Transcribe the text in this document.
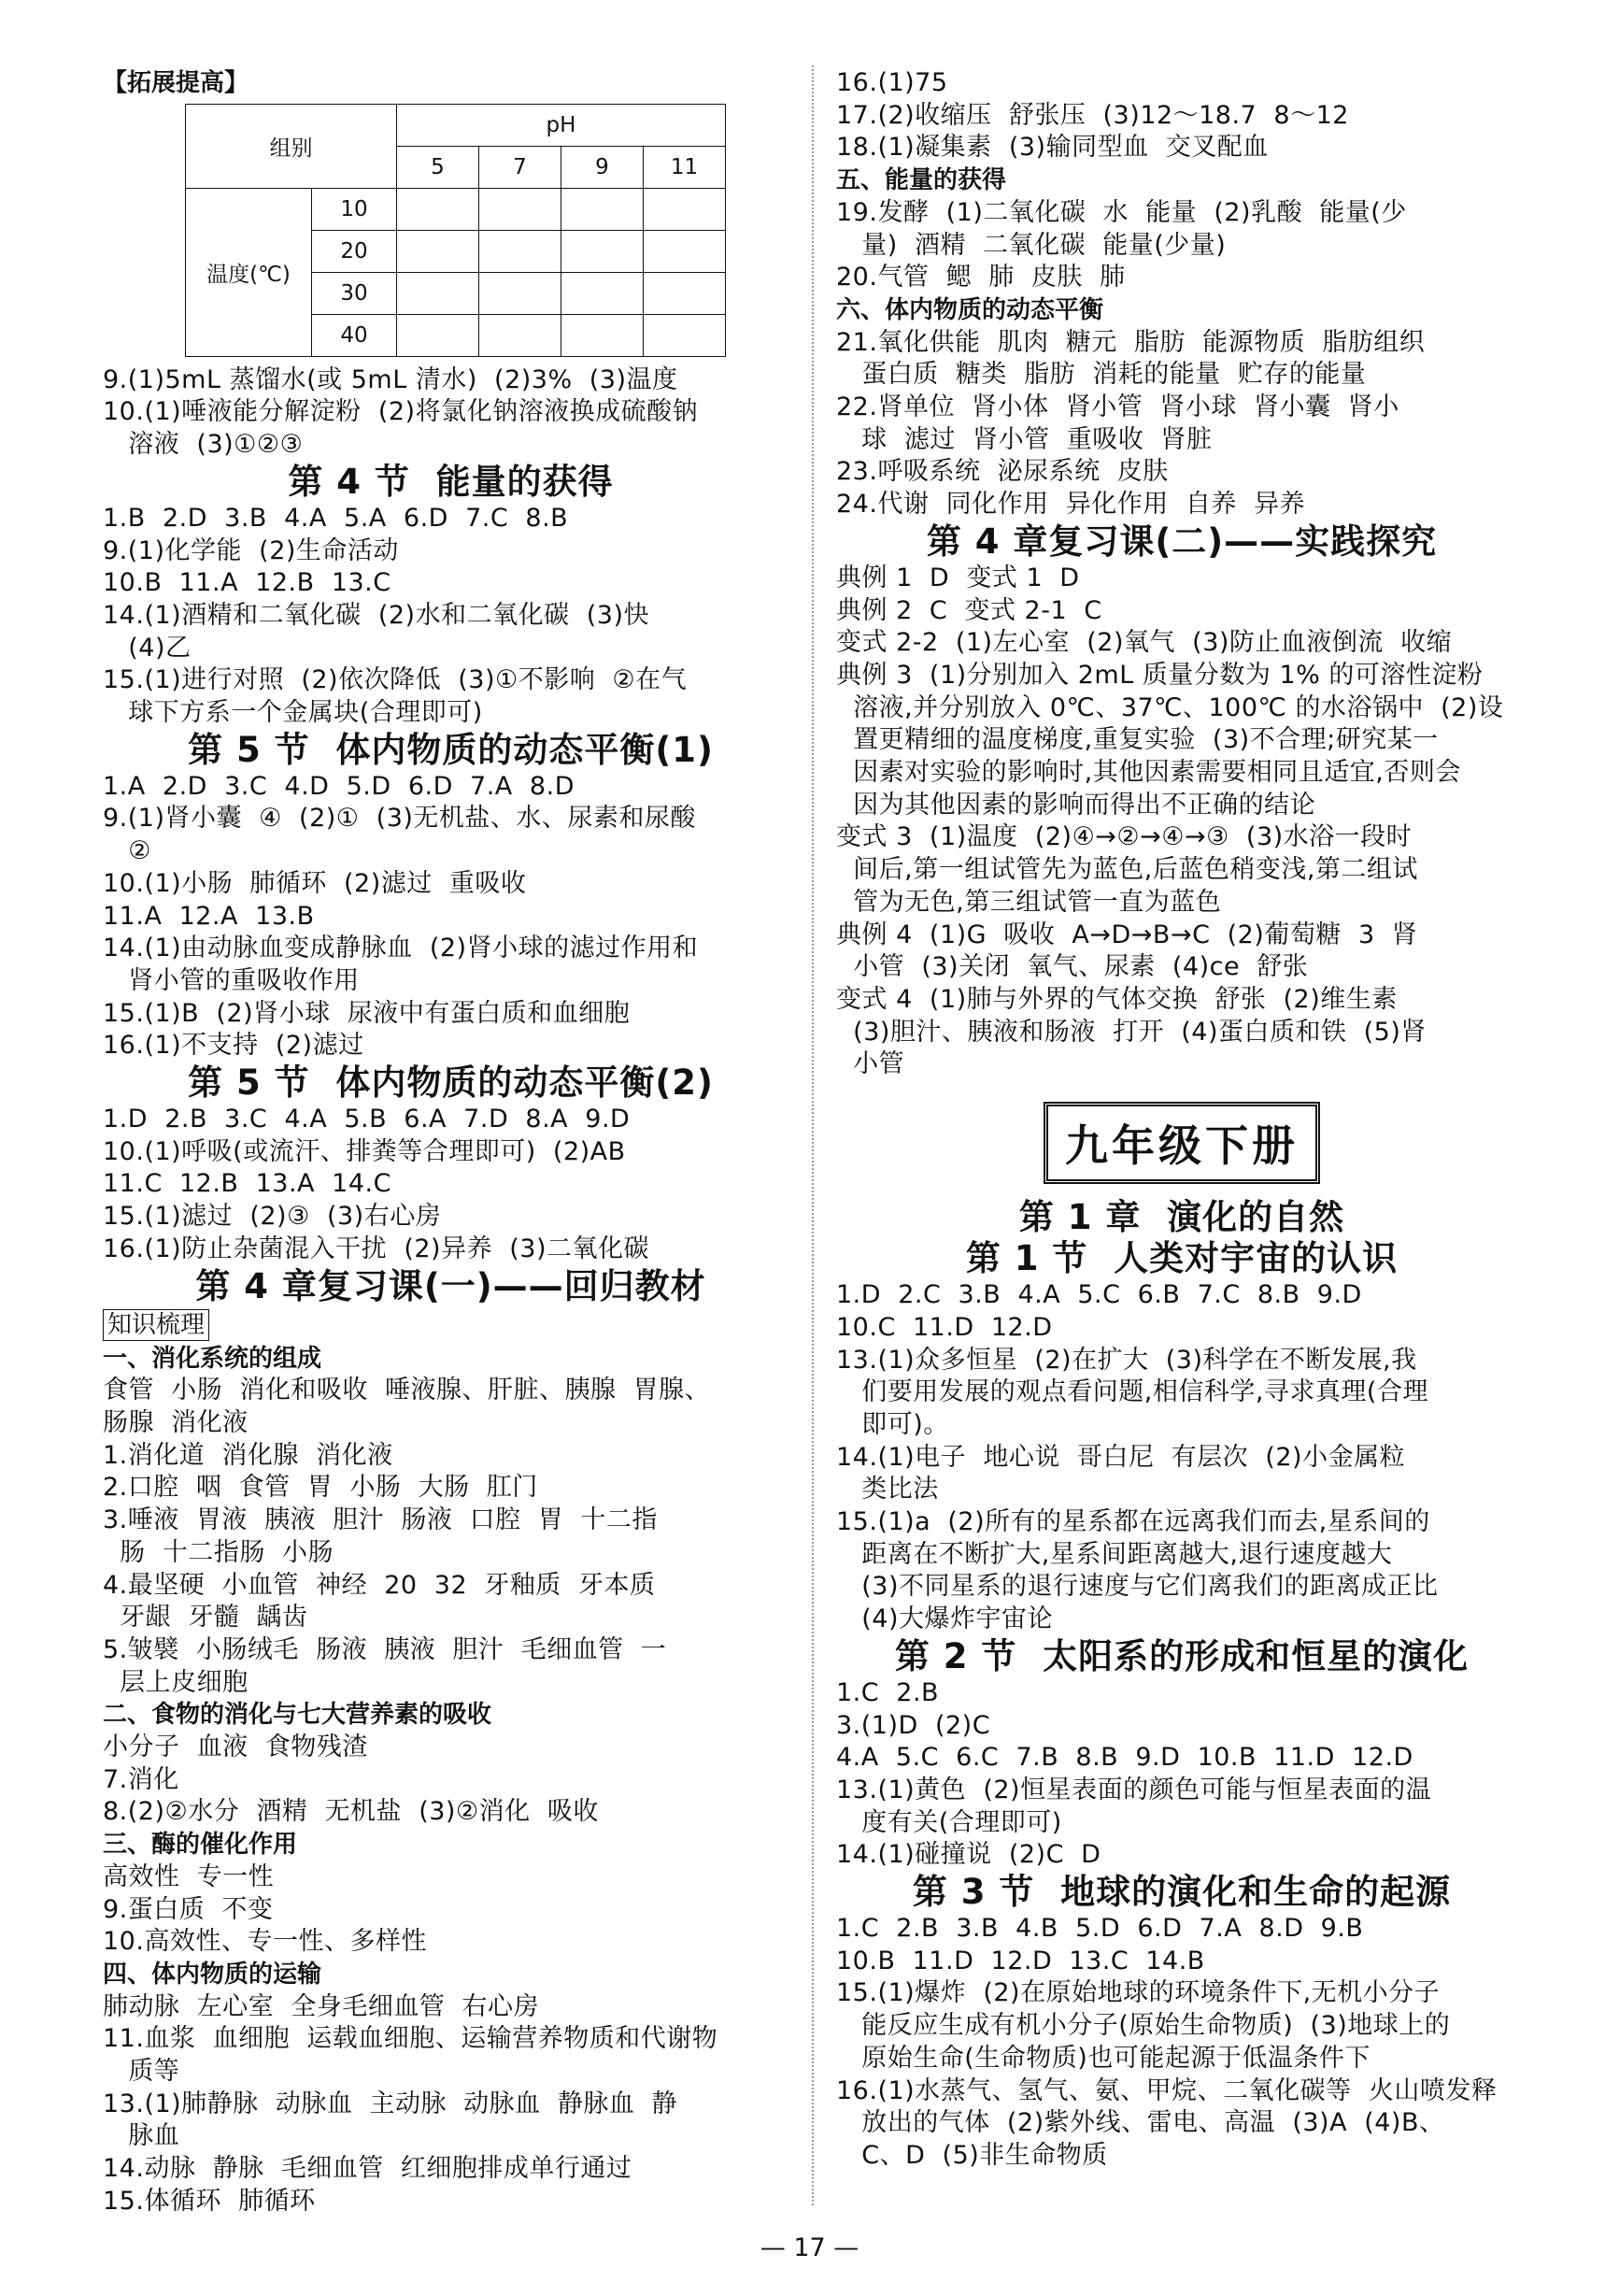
【拓展提高】
组别		pH			
		5	7	9	11
温度(℃)	10				
	20				
	30				
	40				
9.(1)5mL 蒸馏水(或 5mL 清水)  (2)3%  (3)温度
10.(1)唾液能分解淀粉  (2)将氯化钠溶液换成硫酸钠
溶液  (3)①②③
第 4 节  能量的获得
1.B  2.D  3.B  4.A  5.A  6.D  7.C  8.B
9.(1)化学能  (2)生命活动
10.B  11.A  12.B  13.C
14.(1)酒精和二氧化碳  (2)水和二氧化碳  (3)快
(4)乙
15.(1)进行对照  (2)依次降低  (3)①不影响  ②在气
球下方系一个金属块(合理即可)
第 5 节  体内物质的动态平衡(1)
1.A  2.D  3.C  4.D  5.D  6.D  7.A  8.D
9.(1)肾小囊  ④  (2)①  (3)无机盐、水、尿素和尿酸
②
10.(1)小肠  肺循环  (2)滤过  重吸收
11.A  12.A  13.B
14.(1)由动脉血变成静脉血  (2)肾小球的滤过作用和
肾小管的重吸收作用
15.(1)B  (2)肾小球  尿液中有蛋白质和血细胞
16.(1)不支持  (2)滤过
第 5 节  体内物质的动态平衡(2)
1.D  2.B  3.C  4.A  5.B  6.A  7.D  8.A  9.D
10.(1)呼吸(或流汗、排粪等合理即可)  (2)AB
11.C  12.B  13.A  14.C
15.(1)滤过  (2)③  (3)右心房
16.(1)防止杂菌混入干扰  (2)异养  (3)二氧化碳
第 4 章复习课(一)——回归教材
知识梳理
一、消化系统的组成
食管  小肠  消化和吸收  唾液腺、肝脏、胰腺  胃腺、
肠腺  消化液
1.消化道  消化腺  消化液
2.口腔  咽  食管  胃  小肠  大肠  肛门
3.唾液  胃液  胰液  胆汁  肠液  口腔  胃  十二指
肠  十二指肠  小肠
4.最坚硬  小血管  神经  20  32  牙釉质  牙本质
牙龈  牙髓  龋齿
5.皱襞  小肠绒毛  肠液  胰液  胆汁  毛细血管  一
层上皮细胞
二、食物的消化与七大营养素的吸收
小分子  血液  食物残渣
7.消化
8.(2)②水分  酒精  无机盐  (3)②消化  吸收
三、酶的催化作用
高效性  专一性
9.蛋白质  不变
10.高效性、专一性、多样性
四、体内物质的运输
肺动脉  左心室  全身毛细血管  右心房
11.血浆  血细胞  运载血细胞、运输营养物质和代谢物
质等
13.(1)肺静脉  动脉血  主动脉  动脉血  静脉血  静
脉血
14.动脉  静脉  毛细血管  红细胞排成单行通过
15.体循环  肺循环
16.(1)75
17.(2)收缩压  舒张压  (3)12～18.7  8～12
18.(1)凝集素  (3)输同型血  交叉配血
五、能量的获得
19.发酵  (1)二氧化碳  水  能量  (2)乳酸  能量(少
量)  酒精  二氧化碳  能量(少量)
20.气管  鳃  肺  皮肤  肺
六、体内物质的动态平衡
21.氧化供能  肌肉  糖元  脂肪  能源物质  脂肪组织
蛋白质  糖类  脂肪  消耗的能量  贮存的能量
22.肾单位  肾小体  肾小管  肾小球  肾小囊  肾小
球  滤过  肾小管  重吸收  肾脏
23.呼吸系统  泌尿系统  皮肤
24.代谢  同化作用  异化作用  自养  异养
第 4 章复习课(二)——实践探究
典例 1  D  变式 1  D
典例 2  C  变式 2-1  C
变式 2-2  (1)左心室  (2)氧气  (3)防止血液倒流  收缩
典例 3  (1)分别加入 2mL 质量分数为 1% 的可溶性淀粉
溶液,并分别放入 0℃、37℃、100℃ 的水浴锅中  (2)设
置更精细的温度梯度,重复实验  (3)不合理;研究某一
因素对实验的影响时,其他因素需要相同且适宜,否则会
因为其他因素的影响而得出不正确的结论
变式 3  (1)温度  (2)④→②→④→③  (3)水浴一段时
间后,第一组试管先为蓝色,后蓝色稍变浅,第二组试
管为无色,第三组试管一直为蓝色
典例 4  (1)G  吸收  A→D→B→C  (2)葡萄糖  3  肾
小管  (3)关闭  氧气、尿素  (4)ce  舒张
变式 4  (1)肺与外界的气体交换  舒张  (2)维生素
(3)胆汁、胰液和肠液  打开  (4)蛋白质和铁  (5)肾
小管
九年级下册
第 1 章  演化的自然
第 1 节  人类对宇宙的认识
1.D  2.C  3.B  4.A  5.C  6.B  7.C  8.B  9.D
10.C  11.D  12.D
13.(1)众多恒星  (2)在扩大  (3)科学在不断发展,我
们要用发展的观点看问题,相信科学,寻求真理(合理
即可)。
14.(1)电子  地心说  哥白尼  有层次  (2)小金属粒
类比法
15.(1)a  (2)所有的星系都在远离我们而去,星系间的
距离在不断扩大,星系间距离越大,退行速度越大
(3)不同星系的退行速度与它们离我们的距离成正比
(4)大爆炸宇宙论
第 2 节  太阳系的形成和恒星的演化
1.C  2.B
3.(1)D  (2)C
4.A  5.C  6.C  7.B  8.B  9.D  10.B  11.D  12.D
13.(1)黄色  (2)恒星表面的颜色可能与恒星表面的温
度有关(合理即可)
14.(1)碰撞说  (2)C  D
第 3 节  地球的演化和生命的起源
1.C  2.B  3.B  4.B  5.D  6.D  7.A  8.D  9.B
10.B  11.D  12.D  13.C  14.B
15.(1)爆炸  (2)在原始地球的环境条件下,无机小分子
能反应生成有机小分子(原始生命物质)  (3)地球上的
原始生命(生命物质)也可能起源于低温条件下
16.(1)水蒸气、氢气、氨、甲烷、二氧化碳等  火山喷发释
放出的气体  (2)紫外线、雷电、高温  (3)A  (4)B、
C、D  (5)非生命物质
— 17 —
